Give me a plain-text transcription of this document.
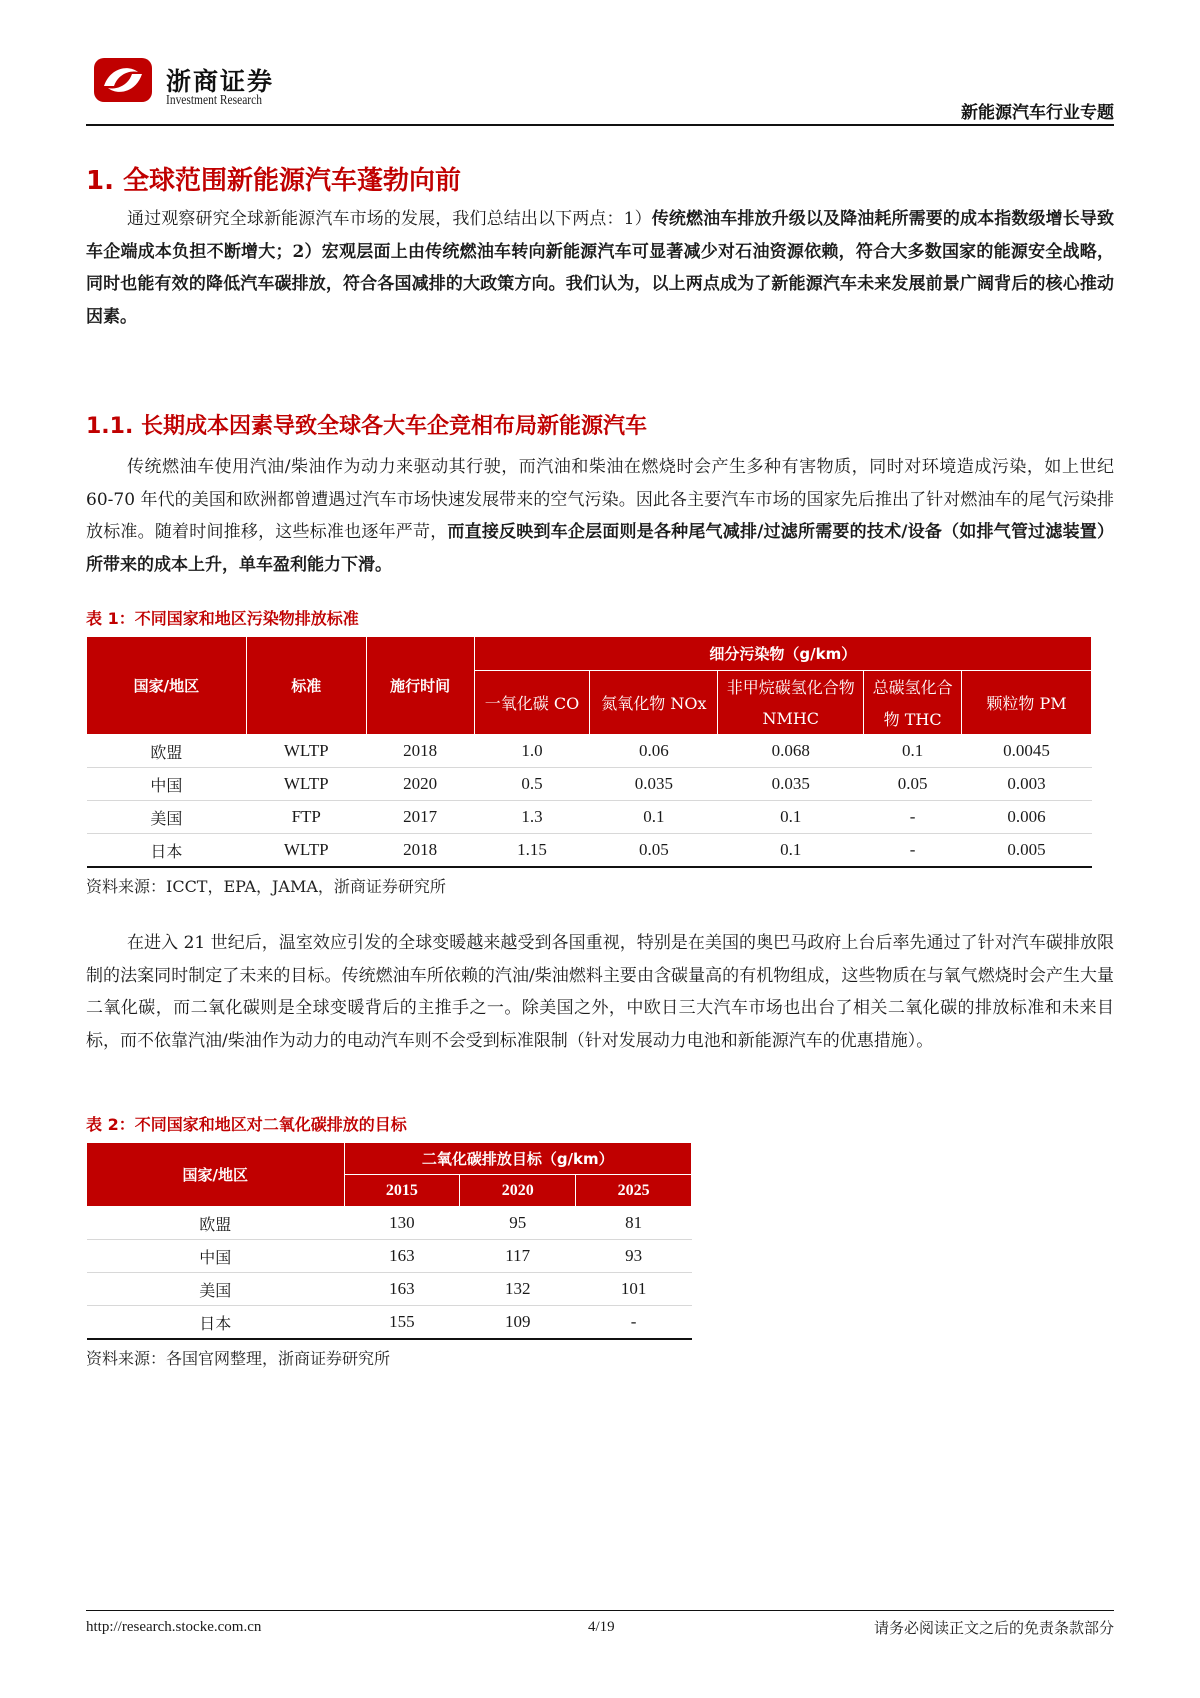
浙商证券
Investment Research
新能源汽车行业专题
1. 全球范围新能源汽车蓬勃向前
通过观察研究全球新能源汽车市场的发展，我们总结出以下两点：1）传统燃油车排放升级以及降油耗所需要的成本指数级增长导致车企端成本负担不断增大；2）宏观层面上由传统燃油车转向新能源汽车可显著减少对石油资源依赖，符合大多数国家的能源安全战略，同时也能有效的降低汽车碳排放，符合各国减排的大政策方向。我们认为，以上两点成为了新能源汽车未来发展前景广阔背后的核心推动因素。
1.1. 长期成本因素导致全球各大车企竞相布局新能源汽车
传统燃油车使用汽油/柴油作为动力来驱动其行驶，而汽油和柴油在燃烧时会产生多种有害物质，同时对环境造成污染，如上世纪 60-70 年代的美国和欧洲都曾遭遇过汽车市场快速发展带来的空气污染。因此各主要汽车市场的国家先后推出了针对燃油车的尾气污染排放标准。随着时间推移，这些标准也逐年严苛，而直接反映到车企层面则是各种尾气减排/过滤所需要的技术/设备（如排气管过滤装置）所带来的成本上升，单车盈利能力下滑。
表 1：不同国家和地区污染物排放标准
国家/地区	标准	施行时间	细分污染物（g/km）				
			一氧化碳 CO	氮氧化物 NOx	非甲烷碳氢化合物	总碳氢化合	颗粒物 PM
					NMHC	物 THC	
欧盟	WLTP	2018	1.0	0.06	0.068	0.1	0.0045
中国	WLTP	2020	0.5	0.035	0.035	0.05	0.003
美国	FTP	2017	1.3	0.1	0.1	-	0.006
日本	WLTP	2018	1.15	0.05	0.1	-	0.005
资料来源：ICCT，EPA，JAMA，浙商证券研究所
在进入 21 世纪后，温室效应引发的全球变暖越来越受到各国重视，特别是在美国的奥巴马政府上台后率先通过了针对汽车碳排放限制的法案同时制定了未来的目标。传统燃油车所依赖的汽油/柴油燃料主要由含碳量高的有机物组成，这些物质在与氧气燃烧时会产生大量二氧化碳，而二氧化碳则是全球变暖背后的主推手之一。除美国之外，中欧日三大汽车市场也出台了相关二氧化碳的排放标准和未来目标，而不依靠汽油/柴油作为动力的电动汽车则不会受到标准限制（针对发展动力电池和新能源汽车的优惠措施）。
表 2：不同国家和地区对二氧化碳排放的目标
国家/地区	二氧化碳排放目标（g/km）		
	2015	2020	2025
欧盟	130	95	81
中国	163	117	93
美国	163	132	101
日本	155	109	-
资料来源：各国官网整理，浙商证券研究所
http://research.stocke.com.cn	4/19	请务必阅读正文之后的免责条款部分
